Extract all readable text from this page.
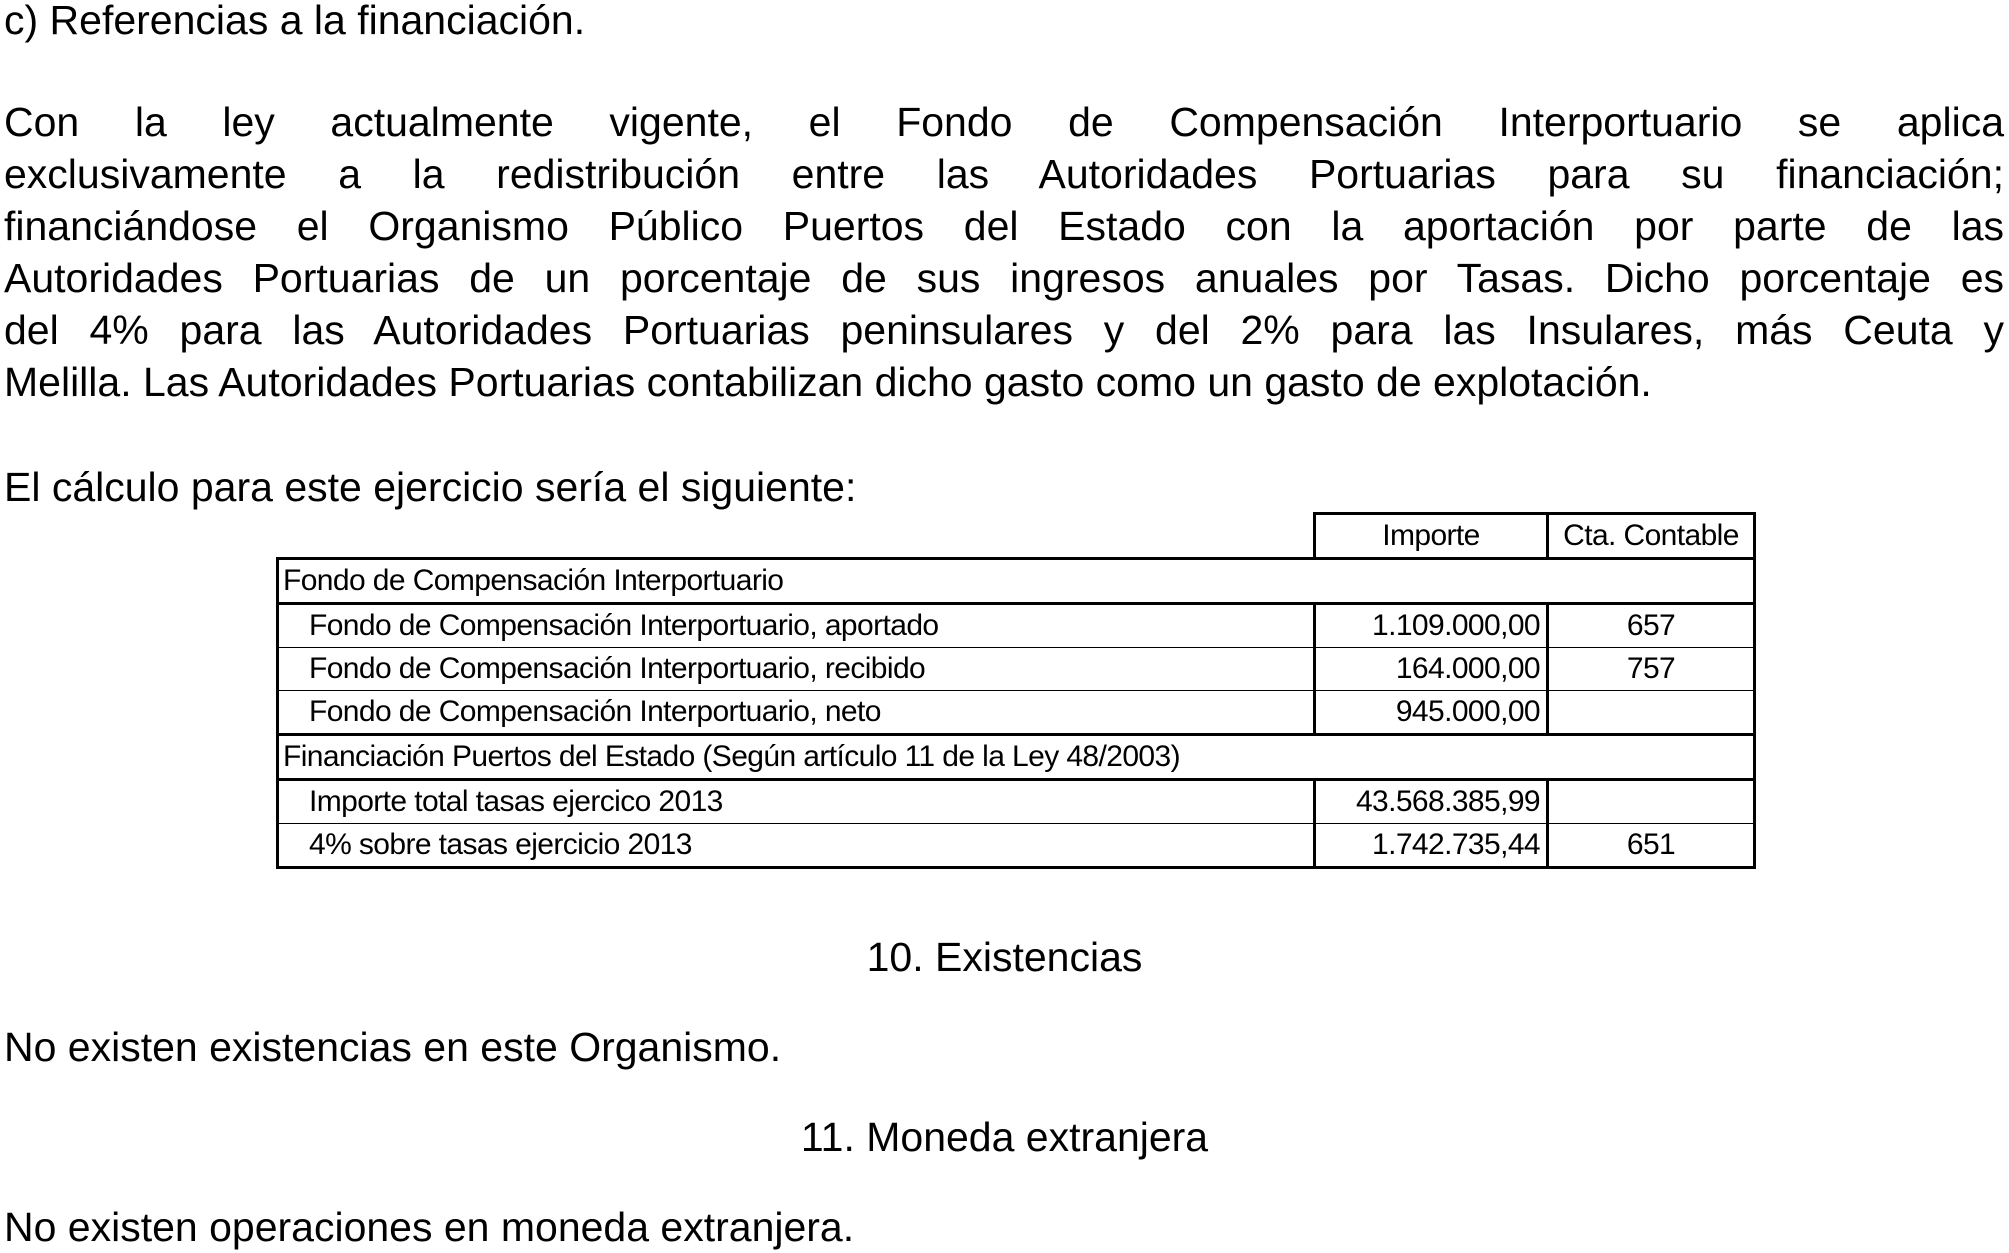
c) Referencias a la financiación.
Con la ley actualmente vigente, el Fondo de Compensación Interportuario se aplica
exclusivamente a la redistribución entre las Autoridades Portuarias para su financiación;
financiándose el Organismo Público Puertos del Estado con la aportación por parte de las
Autoridades Portuarias de un porcentaje de sus ingresos anuales por Tasas. Dicho porcentaje es
del 4% para las Autoridades Portuarias peninsulares y del 2% para las Insulares, más Ceuta y
Melilla. Las Autoridades Portuarias contabilizan dicho gasto como un gasto de explotación.
El cálculo para este ejercicio sería el siguiente:
	Importe	Cta. Contable
Fondo de Compensación Interportuario		
Fondo de Compensación Interportuario, aportado	1.109.000,00	657
Fondo de Compensación Interportuario, recibido	164.000,00	757
Fondo de Compensación Interportuario, neto	945.000,00	
Financiación Puertos del Estado (Según artículo 11 de la Ley 48/2003)		
Importe total tasas ejercico 2013	43.568.385,99	
4% sobre tasas ejercicio 2013	1.742.735,44	651
10. Existencias
No existen existencias en este Organismo.
11. Moneda extranjera
No existen operaciones en moneda extranjera.
